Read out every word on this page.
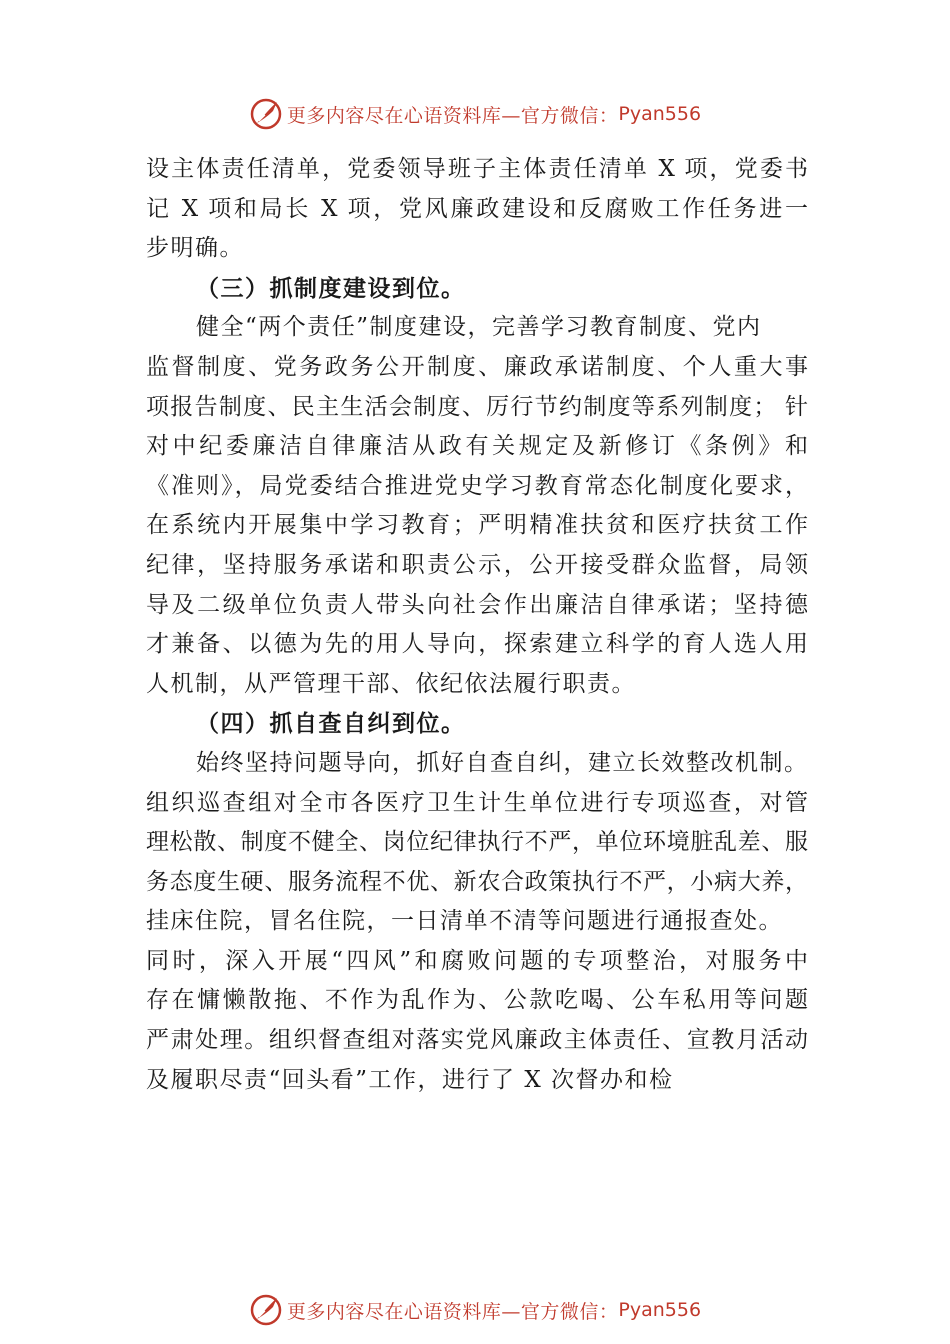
更多内容尽在心语资料库—官方微信： Pyan556
设主体责任清单，党委领导班子主体责任清单 X 项，党委书
记 X 项和局长 X 项，党风廉政建设和反腐败工作任务进一
步明确。
（三）抓制度建设到位。
健全“两个责任”制度建设，完善学习教育制度、党内
监督制度、党务政务公开制度、廉政承诺制度、个人重大事
项报告制度、民主生活会制度、厉行节约制度等系列制度； 针
对中纪委廉洁自律廉洁从政有关规定及新修订《条例》和
《准则》，局党委结合推进党史学习教育常态化制度化要求，
在系统内开展集中学习教育；严明精准扶贫和医疗扶贫工作
纪律，坚持服务承诺和职责公示，公开接受群众监督，局领
导及二级单位负责人带头向社会作出廉洁自律承诺；坚持德
才兼备、以德为先的用人导向，探索建立科学的育人选人用
人机制，从严管理干部、依纪依法履行职责。
（四）抓自查自纠到位。
始终坚持问题导向，抓好自查自纠，建立长效整改机制。
组织巡查组对全市各医疗卫生计生单位进行专项巡查，对管
理松散、制度不健全、岗位纪律执行不严，单位环境脏乱差、服
务态度生硬、服务流程不优、新农合政策执行不严，小病大养，
挂床住院，冒名住院，一日清单不清等问题进行通报查处。
同时，深入开展“四风”和腐败问题的专项整治，对服务中
存在慵懒散拖、不作为乱作为、公款吃喝、公车私用等问题
严肃处理。组织督查组对落实党风廉政主体责任、宣教月活动
及履职尽责“回头看”工作，进行了 X 次督办和检
更多内容尽在心语资料库—官方微信： Pyan556
